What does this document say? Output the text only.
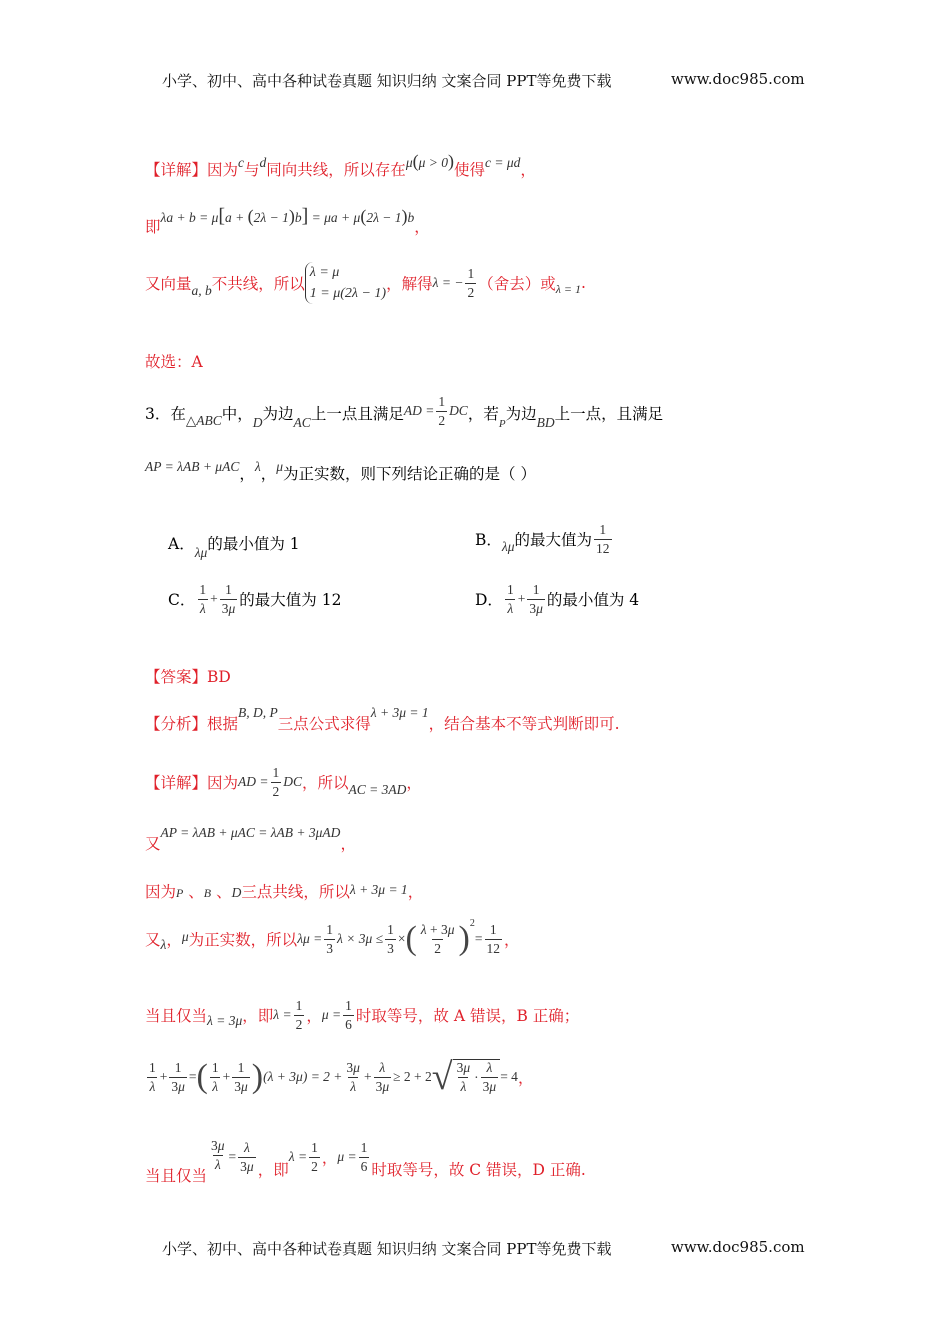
小学、初中、高中各种试卷真题 知识归纳 文案合同 PPT等免费下载	www.doc985.com
【详解】因为c与d同向共线，所以存在μ(μ > 0)使得c = μd，
即λa + b = μ[a + (2λ − 1)b] = μa + μ(2λ − 1)b，
又向量 a, b 不共线，所以
λ = μ
1 = μ(2λ − 1)
，解得 λ = − $\frac{1}{2}$ （舍去）或 λ = 1 .
故选：A
3．在△ABC中，D为边AC上一点且满足AD = $\frac{1}{2}$ DC，若$_P$为边BD上一点，且满足
AP = λAB + μAC，λ，μ为正实数，则下列结论正确的是（ ）
A．λμ的最小值为 1	B． λμ 的最大值为 $\frac{1}{12}$
C． $\frac{1}{\lambda} + \frac{1}{3\mu}$ 的最大值为 12	D． $\frac{1}{\lambda} + \frac{1}{3\mu}$ 的最小值为 4
【答案】BD
【分析】根据B, D, P三点公式求得λ + 3μ = 1，结合基本不等式判断即可.
【详解】 因为 AD = $\frac{1}{2}$ DC ，所以 AC = 3AD ，
又AP = λAB + μAC = λAB + 3μAD，
因为P 、B 、D三点共线，所以λ + 3μ = 1，
又 λ ， μ 为正实数，所以 $\lambda\mu = \frac{1}{3}$ $\lambda \times 3\mu \le \frac{1}{3}$ × ( $\frac{\lambda + 3\mu}{2}$ ) 2
= $\frac{1}{12}$ ，
当且仅当 λ = 3μ ，即 $\lambda = \frac{1}{2}$ ， $\mu = \frac{1}{6}$ 时取等号，故 A 错误，B 正确；
$\frac{1}{\lambda} + \frac{1}{3\mu}$ = ( $\frac{1}{\lambda} + \frac{1}{3\mu}$ ) $(\lambda + 3\mu) = 2 + \frac{3\mu}{\lambda} + \frac{\lambda}{3\mu} \ge 2 + 2$ √ $\frac{3\mu}{\lambda} \cdot \frac{\lambda}{3\mu} = 4$ ，
当且仅当
$\frac{3\mu}{\lambda} = \frac{\lambda}{3\mu}$ ，即
$\lambda = \frac{1}{2}$ ， $\mu = \frac{1}{6}$ 时取等号，故 C 错误，D 正确.
小学、初中、高中各种试卷真题 知识归纳 文案合同 PPT等免费下载	www.doc985.com
